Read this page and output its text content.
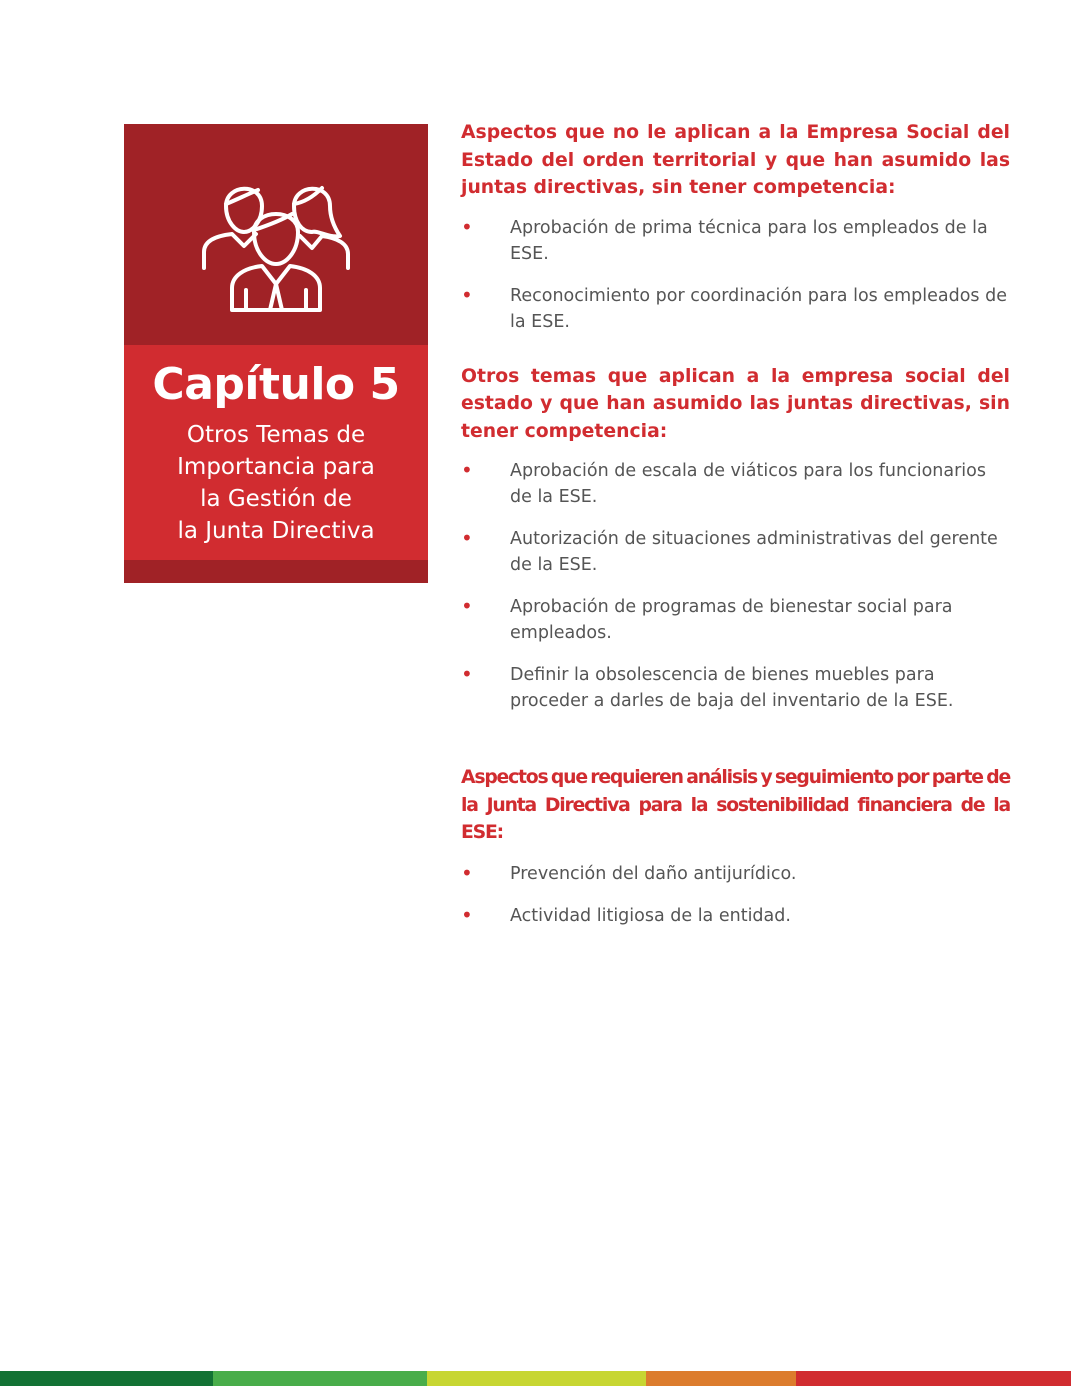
Capítulo 5
Otros Temas de
Importancia para
la Gestión de
la Junta Directiva

Aspectos que no le aplican a la Empresa Social del Estado del orden territorial y que han asumido las juntas directivas, sin tener competencia:

• Aprobación de prima técnica para los empleados de la ESE.
• Reconocimiento por coordinación para los empleados de la ESE.

Otros temas que aplican a la empresa social del estado y que han asumido las juntas directivas, sin tener competencia:

• Aprobación de escala de viáticos para los funcionarios de la ESE.
• Autorización de situaciones administrativas del gerente de la ESE.
• Aprobación de programas de bienestar social para empleados.
• Definir la obsolescencia de bienes muebles para proceder a darles de baja del inventario de la ESE.

Aspectos que requieren análisis y seguimiento por parte de la Junta Directiva para la sostenibilidad financiera de la ESE:

• Prevención del daño antijurídico.
• Actividad litigiosa de la entidad.
